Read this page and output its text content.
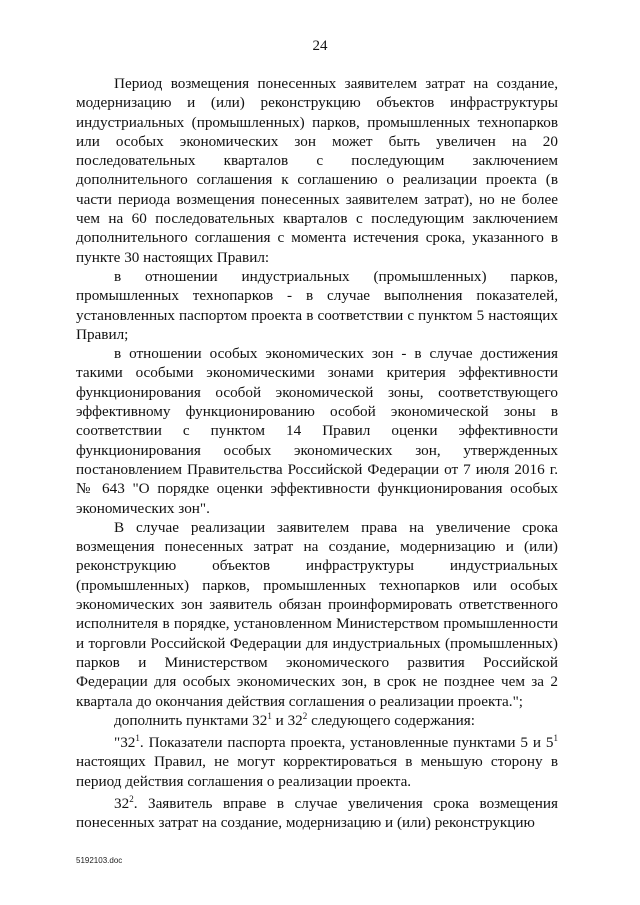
24

Период возмещения понесенных заявителем затрат на создание, модернизацию и (или) реконструкцию объектов инфраструктуры индустриальных (промышленных) парков, промышленных технопарков или особых экономических зон может быть увеличен на 20 последовательных кварталов с последующим заключением дополнительного соглашения к соглашению о реализации проекта (в части периода возмещения понесенных заявителем затрат), но не более чем на 60 последовательных кварталов с последующим заключением дополнительного соглашения с момента истечения срока, указанного в пункте 30 настоящих Правил:

в отношении индустриальных (промышленных) парков, промышленных технопарков - в случае выполнения показателей, установленных паспортом проекта в соответствии с пунктом 5 настоящих Правил;

в отношении особых экономических зон - в случае достижения такими особыми экономическими зонами критерия эффективности функционирования особой экономической зоны, соответствующего эффективному функционированию особой экономической зоны в соответствии с пунктом 14 Правил оценки эффективности функционирования особых экономических зон, утвержденных постановлением Правительства Российской Федерации от 7 июля 2016 г. № 643 "О порядке оценки эффективности функционирования особых экономических зон".

В случае реализации заявителем права на увеличение срока возмещения понесенных затрат на создание, модернизацию и (или) реконструкцию объектов инфраструктуры индустриальных (промышленных) парков, промышленных технопарков или особых экономических зон заявитель обязан проинформировать ответственного исполнителя в порядке, установленном Министерством промышленности и торговли Российской Федерации для индустриальных (промышленных) парков и Министерством экономического развития Российской Федерации для особых экономических зон, в срок не позднее чем за 2 квартала до окончания действия соглашения о реализации проекта.";

дополнить пунктами $32^1$ и $32^2$ следующего содержания:

"$32^1$. Показатели паспорта проекта, установленные пунктами 5 и $5^1$ настоящих Правил, не могут корректироваться в меньшую сторону в период действия соглашения о реализации проекта.

$32^2$. Заявитель вправе в случае увеличения срока возмещения понесенных затрат на создание, модернизацию и (или) реконструкцию

5192103.doc
